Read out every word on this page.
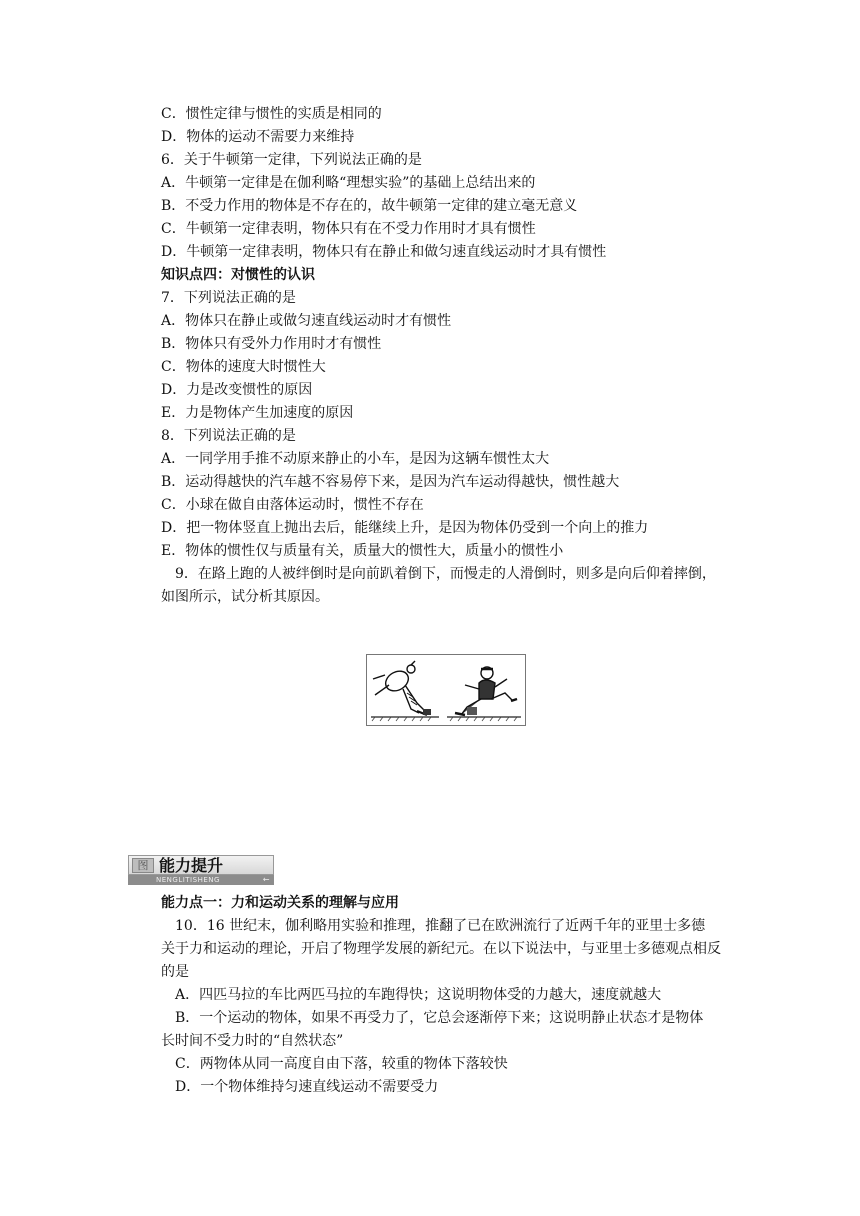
C．惯性定律与惯性的实质是相同的
D．物体的运动不需要力来维持
6．关于牛顿第一定律，下列说法正确的是
A．牛顿第一定律是在伽利略“理想实验”的基础上总结出来的
B．不受力作用的物体是不存在的，故牛顿第一定律的建立毫无意义
C．牛顿第一定律表明，物体只有在不受力作用时才具有惯性
D．牛顿第一定律表明，物体只有在静止和做匀速直线运动时才具有惯性
知识点四：对惯性的认识
7．下列说法正确的是
A．物体只在静止或做匀速直线运动时才有惯性
B．物体只有受外力作用时才有惯性
C．物体的速度大时惯性大
D．力是改变惯性的原因
E．力是物体产生加速度的原因
8．下列说法正确的是
A．一同学用手推不动原来静止的小车，是因为这辆车惯性太大
B．运动得越快的汽车越不容易停下来，是因为汽车运动得越快，惯性越大
C．小球在做自由落体运动时，惯性不存在
D．把一物体竖直上抛出去后，能继续上升，是因为物体仍受到一个向上的推力
E．物体的惯性仅与质量有关，质量大的惯性大，质量小的惯性小
9．在路上跑的人被绊倒时是向前趴着倒下，而慢走的人滑倒时，则多是向后仰着摔倒，
如图所示，试分析其原因。
图 能力提升
NENGLITISHENG	←
能力点一：力和运动关系的理解与应用
10．16 世纪末，伽利略用实验和推理，推翻了已在欧洲流行了近两千年的亚里士多德
关于力和运动的理论，开启了物理学发展的新纪元。在以下说法中，与亚里士多德观点相反
的是
A．四匹马拉的车比两匹马拉的车跑得快；这说明物体受的力越大，速度就越大
B．一个运动的物体，如果不再受力了，它总会逐渐停下来；这说明静止状态才是物体
长时间不受力时的“自然状态”
C．两物体从同一高度自由下落，较重的物体下落较快
D．一个物体维持匀速直线运动不需要受力
